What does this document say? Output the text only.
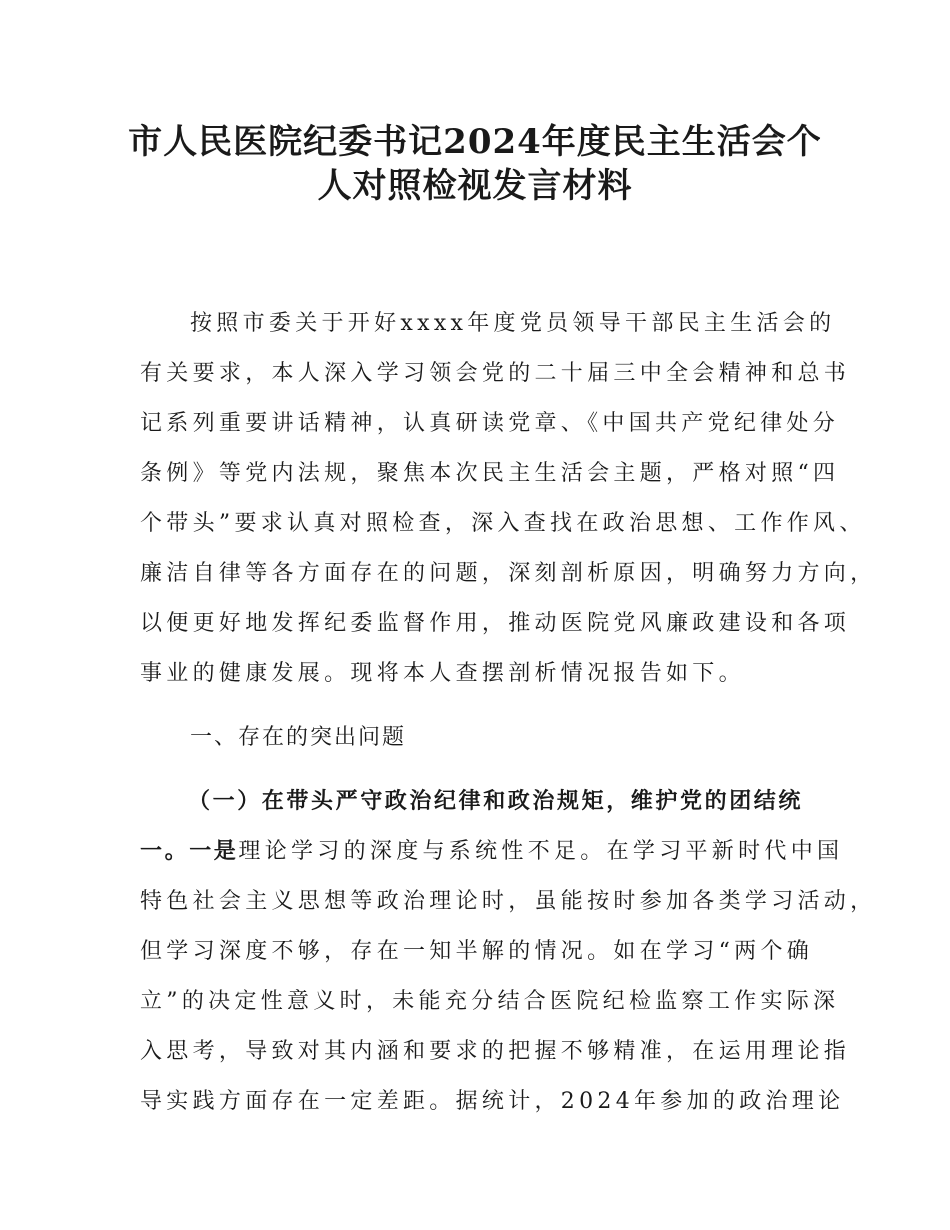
市人民医院纪委书记2024年度民主生活会个
人对照检视发言材料

按照市委关于开好xxxx年度党员领导干部民主生活会的

有关要求，本人深入学习领会党的二十届三中全会精神和总书

记系列重要讲话精神，认真研读党章、《中国共产党纪律处分

条例》等党内法规，聚焦本次民主生活会主题，严格对照“四

个带头”要求认真对照检查，深入查找在政治思想、工作作风、

廉洁自律等各方面存在的问题，深刻剖析原因，明确努力方向，

以便更好地发挥纪委监督作用，推动医院党风廉政建设和各项

事业的健康发展。现将本人查摆剖析情况报告如下。

一、存在的突出问题

（一）在带头严守政治纪律和政治规矩，维护党的团结统

一。一是理论学习的深度与系统性不足。在学习平新时代中国

特色社会主义思想等政治理论时，虽能按时参加各类学习活动，

但学习深度不够，存在一知半解的情况。如在学习“两个确

立”的决定性意义时，未能充分结合医院纪检监察工作实际深

入思考，导致对其内涵和要求的把握不够精准，在运用理论指

导实践方面存在一定差距。据统计，2024年参加的政治理论
